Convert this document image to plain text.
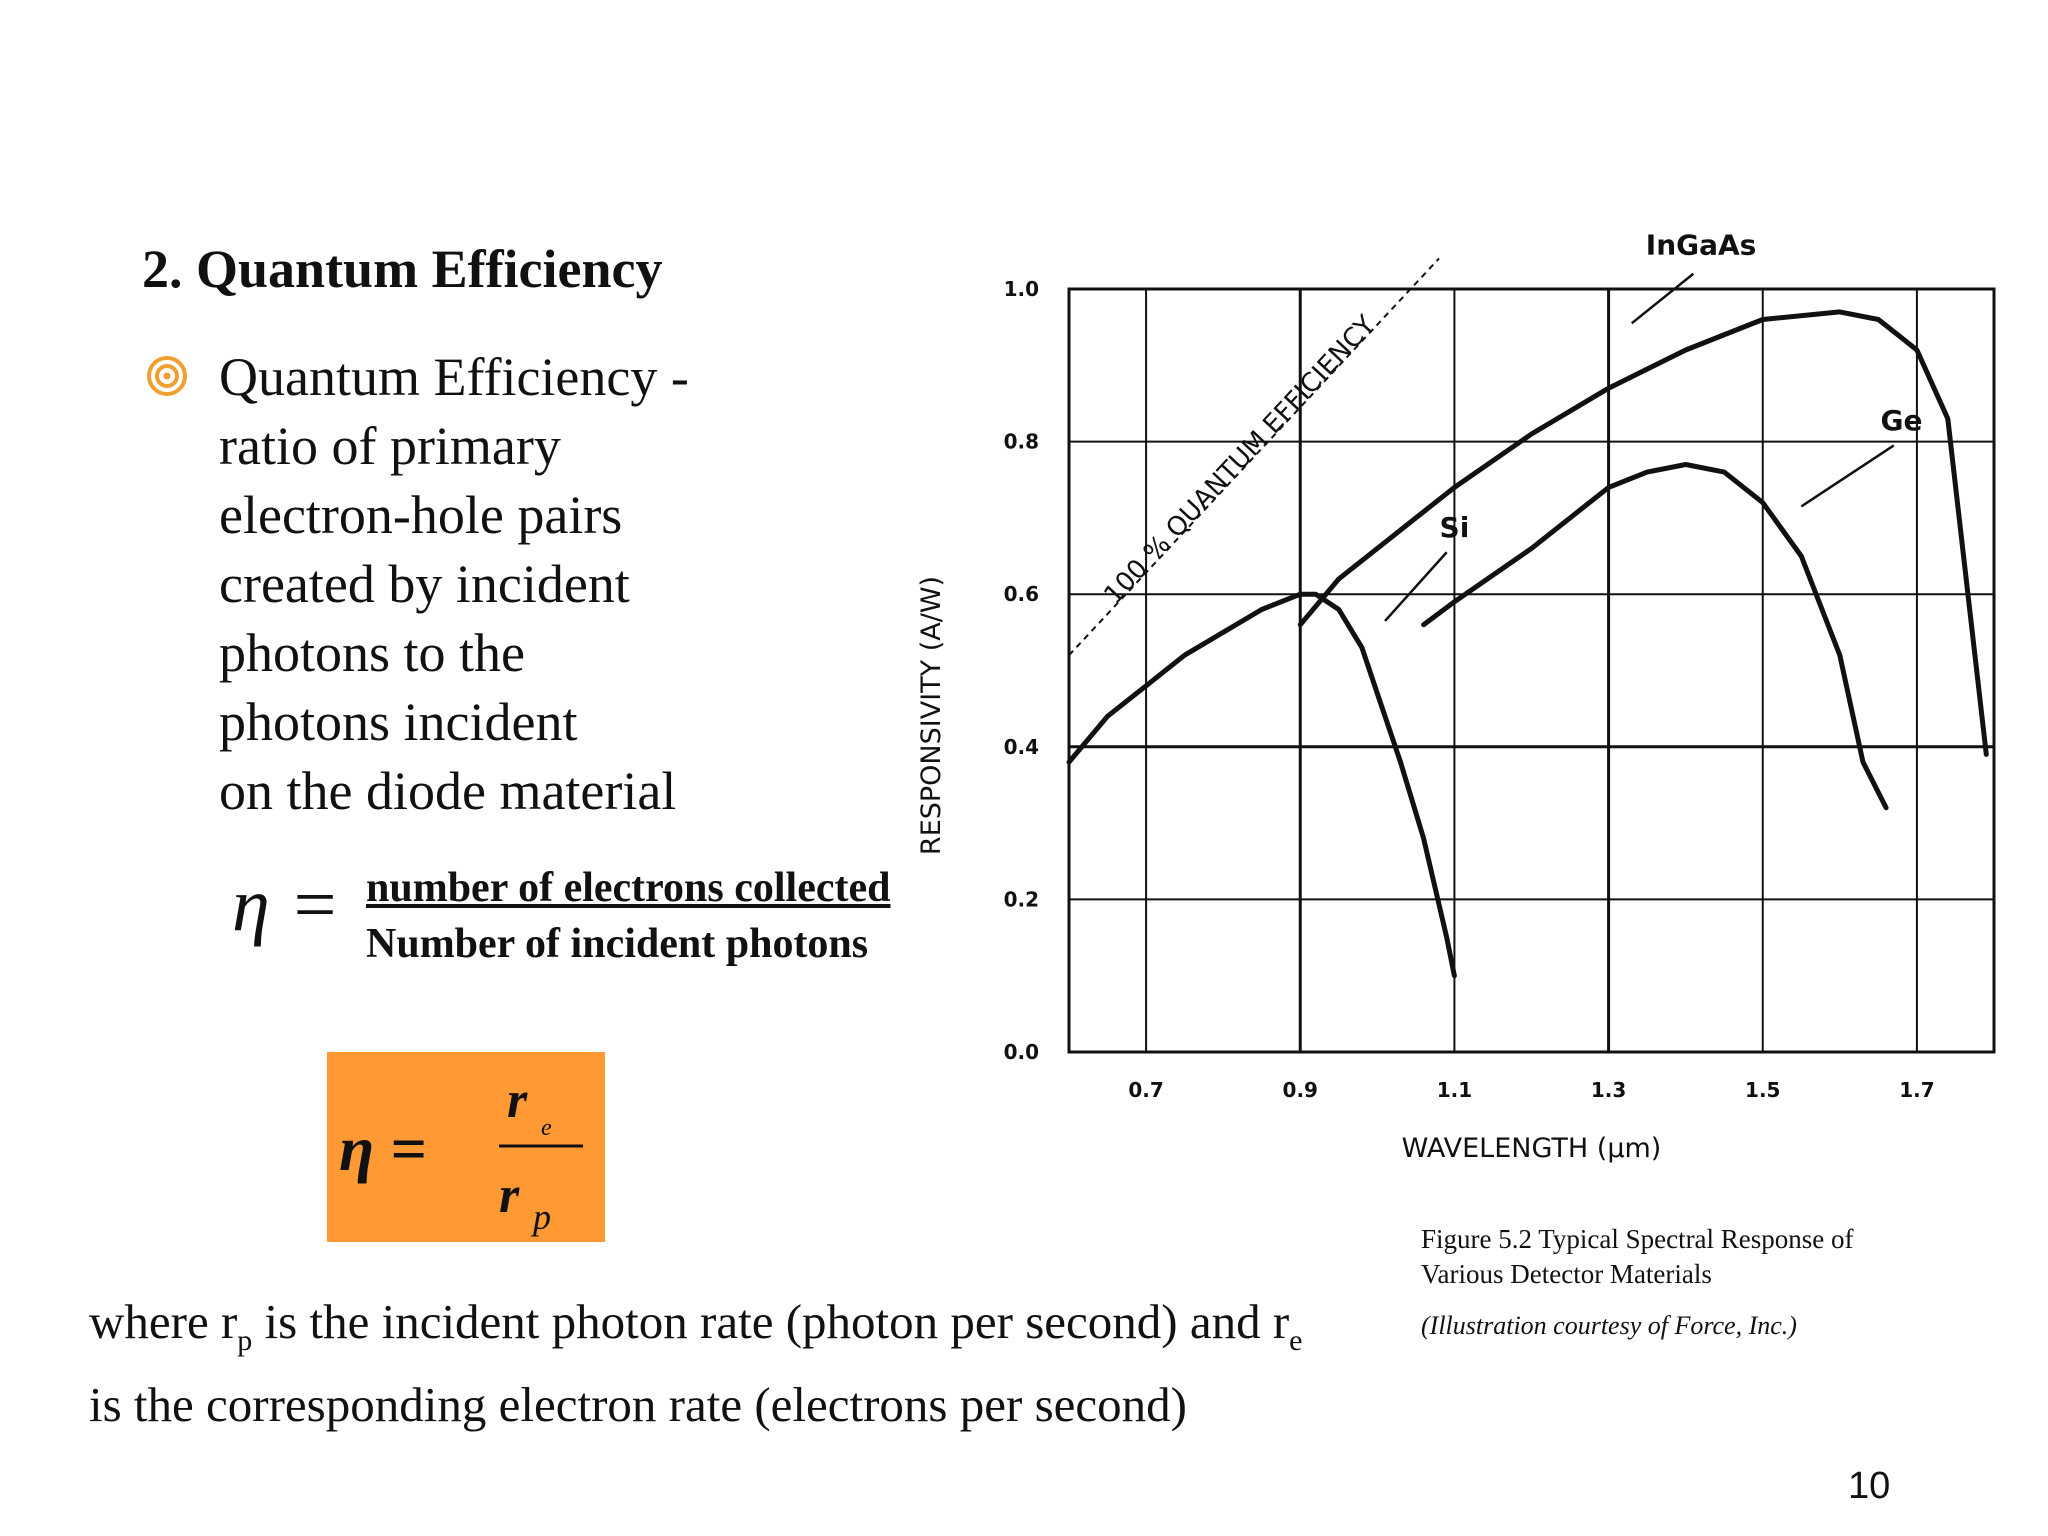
2. Quantum Efficiency
Quantum Efficiency -
ratio of primary
electron-hole pairs
created by incident
photons to the
photons incident
on the diode material
η = number of electrons collected
Number of incident photons
η =
r e
r p
where $r_p$ is the incident photon rate (photon per second) and $r_e$
is the corresponding electron rate (electrons per second)
100 % QUANTUM EFFICIENCY
0.7	0.9	1.1	1.3	1.5	1.7
0.0
0.2
0.4
0.6
0.8
1.0
WAVELENGTH (µm)
RESPONSIVITY (A/W)
Si
InGaAs
Ge
Figure 5.2 Typical Spectral Response of
Various Detector Materials
(Illustration courtesy of Force, Inc.)
10
